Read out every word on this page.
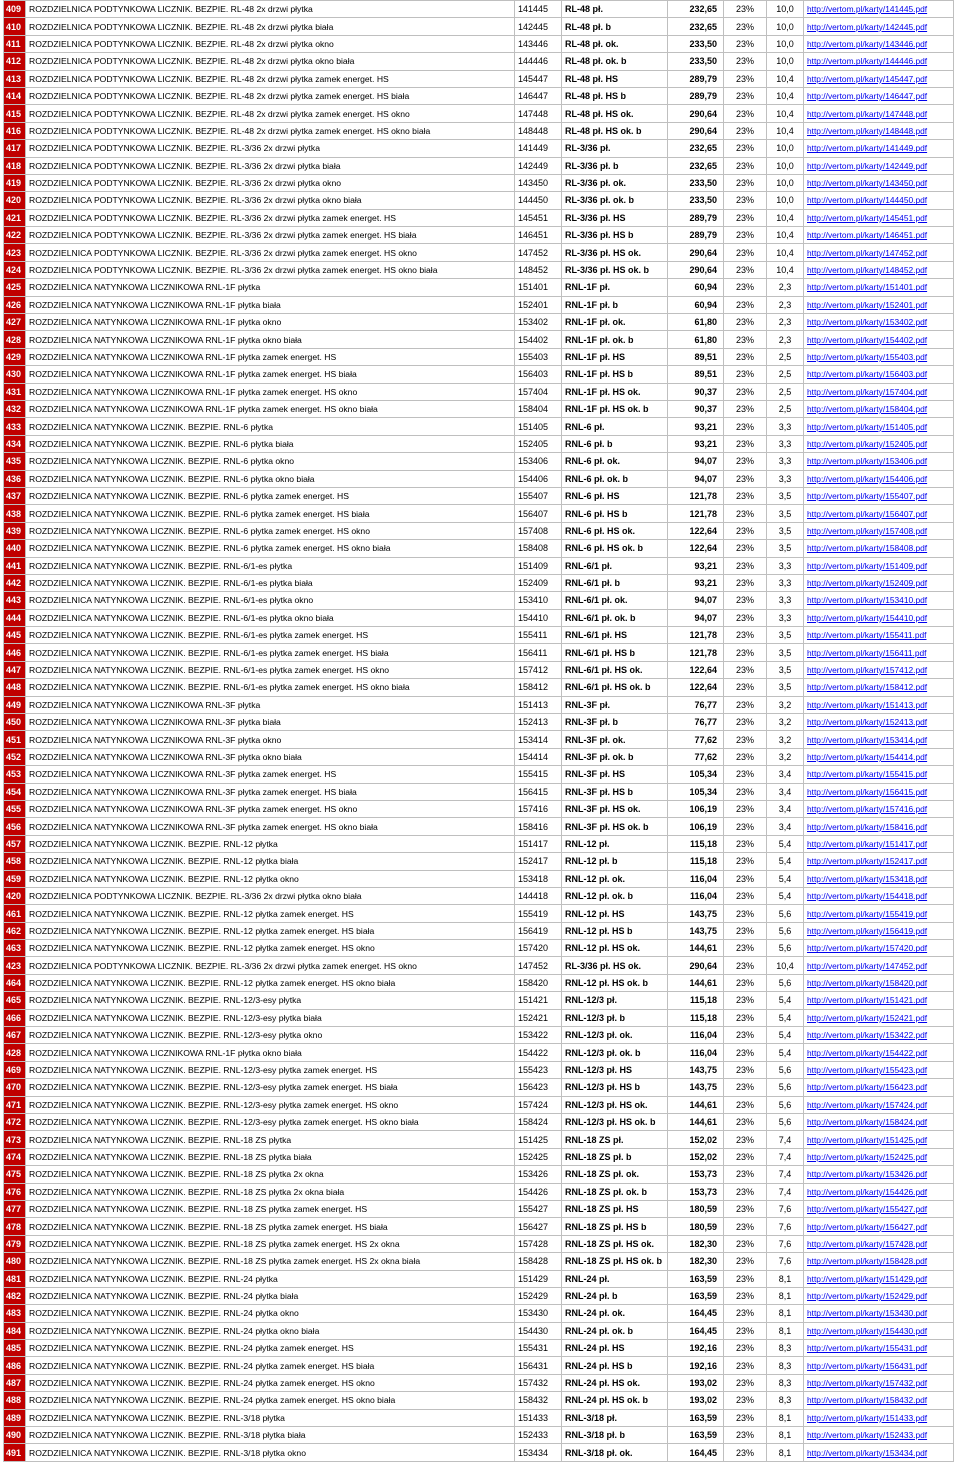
409	ROZDZIELNICA PODTYNKOWA LICZNIK. BEZPIE. RL-48 2x drzwi płytka	141445	RL-48 pł.	232,65	23%	10,0	http://vertom.pl/karty/141445.pdf
410	ROZDZIELNICA PODTYNKOWA LICZNIK. BEZPIE. RL-48 2x drzwi płytka biała	142445	RL-48 pł. b	232,65	23%	10,0	http://vertom.pl/karty/142445.pdf
411	ROZDZIELNICA PODTYNKOWA LICZNIK. BEZPIE. RL-48 2x drzwi płytka okno	143446	RL-48 pł. ok.	233,50	23%	10,0	http://vertom.pl/karty/143446.pdf
412	ROZDZIELNICA PODTYNKOWA LICZNIK. BEZPIE. RL-48 2x drzwi płytka okno biała	144446	RL-48 pł. ok. b	233,50	23%	10,0	http://vertom.pl/karty/144446.pdf
413	ROZDZIELNICA PODTYNKOWA LICZNIK. BEZPIE. RL-48 2x drzwi płytka zamek energet. HS	145447	RL-48 pł. HS	289,79	23%	10,4	http://vertom.pl/karty/145447.pdf
414	ROZDZIELNICA PODTYNKOWA LICZNIK. BEZPIE. RL-48 2x drzwi płytka zamek energet. HS biała	146447	RL-48 pł. HS b	289,79	23%	10,4	http://vertom.pl/karty/146447.pdf
415	ROZDZIELNICA PODTYNKOWA LICZNIK. BEZPIE. RL-48 2x drzwi płytka zamek energet. HS okno	147448	RL-48 pł. HS ok.	290,64	23%	10,4	http://vertom.pl/karty/147448.pdf
416	ROZDZIELNICA PODTYNKOWA LICZNIK. BEZPIE. RL-48 2x drzwi płytka zamek energet. HS okno biała	148448	RL-48 pł. HS ok. b	290,64	23%	10,4	http://vertom.pl/karty/148448.pdf
417	ROZDZIELNICA PODTYNKOWA LICZNIK. BEZPIE. RL-3/36 2x drzwi płytka	141449	RL-3/36 pł.	232,65	23%	10,0	http://vertom.pl/karty/141449.pdf
418	ROZDZIELNICA PODTYNKOWA LICZNIK. BEZPIE. RL-3/36 2x drzwi płytka biała	142449	RL-3/36 pł. b	232,65	23%	10,0	http://vertom.pl/karty/142449.pdf
419	ROZDZIELNICA PODTYNKOWA LICZNIK. BEZPIE. RL-3/36 2x drzwi płytka okno	143450	RL-3/36 pł. ok.	233,50	23%	10,0	http://vertom.pl/karty/143450.pdf
420	ROZDZIELNICA PODTYNKOWA LICZNIK. BEZPIE. RL-3/36 2x drzwi płytka okno biała	144450	RL-3/36 pł. ok. b	233,50	23%	10,0	http://vertom.pl/karty/144450.pdf
421	ROZDZIELNICA PODTYNKOWA LICZNIK. BEZPIE. RL-3/36 2x drzwi płytka zamek energet. HS	145451	RL-3/36 pł. HS	289,79	23%	10,4	http://vertom.pl/karty/145451.pdf
422	ROZDZIELNICA PODTYNKOWA LICZNIK. BEZPIE. RL-3/36 2x drzwi płytka zamek energet. HS biała	146451	RL-3/36 pł. HS b	289,79	23%	10,4	http://vertom.pl/karty/146451.pdf
423	ROZDZIELNICA PODTYNKOWA LICZNIK. BEZPIE. RL-3/36 2x drzwi płytka zamek energet. HS okno	147452	RL-3/36 pł. HS ok.	290,64	23%	10,4	http://vertom.pl/karty/147452.pdf
424	ROZDZIELNICA PODTYNKOWA LICZNIK. BEZPIE. RL-3/36 2x drzwi płytka zamek energet. HS okno biała	148452	RL-3/36 pł. HS ok. b	290,64	23%	10,4	http://vertom.pl/karty/148452.pdf
425	ROZDZIELNICA NATYNKOWA LICZNIKOWA RNL-1F płytka	151401	RNL-1F pł.	60,94	23%	2,3	http://vertom.pl/karty/151401.pdf
426	ROZDZIELNICA NATYNKOWA LICZNIKOWA RNL-1F płytka biała	152401	RNL-1F pł. b	60,94	23%	2,3	http://vertom.pl/karty/152401.pdf
427	ROZDZIELNICA NATYNKOWA LICZNIKOWA RNL-1F płytka okno	153402	RNL-1F pł. ok.	61,80	23%	2,3	http://vertom.pl/karty/153402.pdf
428	ROZDZIELNICA NATYNKOWA LICZNIKOWA RNL-1F płytka okno biała	154402	RNL-1F pł. ok. b	61,80	23%	2,3	http://vertom.pl/karty/154402.pdf
429	ROZDZIELNICA NATYNKOWA LICZNIKOWA RNL-1F płytka zamek energet. HS	155403	RNL-1F pł. HS	89,51	23%	2,5	http://vertom.pl/karty/155403.pdf
430	ROZDZIELNICA NATYNKOWA LICZNIKOWA RNL-1F płytka zamek energet. HS biała	156403	RNL-1F pł. HS b	89,51	23%	2,5	http://vertom.pl/karty/156403.pdf
431	ROZDZIELNICA NATYNKOWA LICZNIKOWA RNL-1F płytka zamek energet. HS okno	157404	RNL-1F pł. HS ok.	90,37	23%	2,5	http://vertom.pl/karty/157404.pdf
432	ROZDZIELNICA NATYNKOWA LICZNIKOWA RNL-1F płytka zamek energet. HS okno biała	158404	RNL-1F pł. HS ok. b	90,37	23%	2,5	http://vertom.pl/karty/158404.pdf
433	ROZDZIELNICA NATYNKOWA LICZNIK. BEZPIE. RNL-6 płytka	151405	RNL-6 pł.	93,21	23%	3,3	http://vertom.pl/karty/151405.pdf
434	ROZDZIELNICA NATYNKOWA LICZNIK. BEZPIE. RNL-6 płytka biała	152405	RNL-6 pł. b	93,21	23%	3,3	http://vertom.pl/karty/152405.pdf
435	ROZDZIELNICA NATYNKOWA LICZNIK. BEZPIE. RNL-6 płytka okno	153406	RNL-6 pł. ok.	94,07	23%	3,3	http://vertom.pl/karty/153406.pdf
436	ROZDZIELNICA NATYNKOWA LICZNIK. BEZPIE. RNL-6 płytka okno biała	154406	RNL-6 pł. ok. b	94,07	23%	3,3	http://vertom.pl/karty/154406.pdf
437	ROZDZIELNICA NATYNKOWA LICZNIK. BEZPIE. RNL-6 płytka zamek energet. HS	155407	RNL-6 pł. HS	121,78	23%	3,5	http://vertom.pl/karty/155407.pdf
438	ROZDZIELNICA NATYNKOWA LICZNIK. BEZPIE. RNL-6 płytka zamek energet. HS biała	156407	RNL-6 pł. HS b	121,78	23%	3,5	http://vertom.pl/karty/156407.pdf
439	ROZDZIELNICA NATYNKOWA LICZNIK. BEZPIE. RNL-6 płytka zamek energet. HS okno	157408	RNL-6 pł. HS ok.	122,64	23%	3,5	http://vertom.pl/karty/157408.pdf
440	ROZDZIELNICA NATYNKOWA LICZNIK. BEZPIE. RNL-6 płytka zamek energet. HS okno biała	158408	RNL-6 pł. HS ok. b	122,64	23%	3,5	http://vertom.pl/karty/158408.pdf
441	ROZDZIELNICA NATYNKOWA LICZNIK. BEZPIE. RNL-6/1-es płytka	151409	RNL-6/1 pł.	93,21	23%	3,3	http://vertom.pl/karty/151409.pdf
442	ROZDZIELNICA NATYNKOWA LICZNIK. BEZPIE. RNL-6/1-es płytka biała	152409	RNL-6/1 pł. b	93,21	23%	3,3	http://vertom.pl/karty/152409.pdf
443	ROZDZIELNICA NATYNKOWA LICZNIK. BEZPIE. RNL-6/1-es płytka okno	153410	RNL-6/1 pł. ok.	94,07	23%	3,3	http://vertom.pl/karty/153410.pdf
444	ROZDZIELNICA NATYNKOWA LICZNIK. BEZPIE. RNL-6/1-es płytka okno biała	154410	RNL-6/1 pł. ok. b	94,07	23%	3,3	http://vertom.pl/karty/154410.pdf
445	ROZDZIELNICA NATYNKOWA LICZNIK. BEZPIE. RNL-6/1-es płytka zamek energet. HS	155411	RNL-6/1 pł. HS	121,78	23%	3,5	http://vertom.pl/karty/155411.pdf
446	ROZDZIELNICA NATYNKOWA LICZNIK. BEZPIE. RNL-6/1-es płytka zamek energet. HS biała	156411	RNL-6/1 pł. HS b	121,78	23%	3,5	http://vertom.pl/karty/156411.pdf
447	ROZDZIELNICA NATYNKOWA LICZNIK. BEZPIE. RNL-6/1-es płytka zamek energet. HS okno	157412	RNL-6/1 pł. HS ok.	122,64	23%	3,5	http://vertom.pl/karty/157412.pdf
448	ROZDZIELNICA NATYNKOWA LICZNIK. BEZPIE. RNL-6/1-es płytka zamek energet. HS okno biała	158412	RNL-6/1 pł. HS ok. b	122,64	23%	3,5	http://vertom.pl/karty/158412.pdf
449	ROZDZIELNICA NATYNKOWA LICZNIKOWA RNL-3F płytka	151413	RNL-3F pł.	76,77	23%	3,2	http://vertom.pl/karty/151413.pdf
450	ROZDZIELNICA NATYNKOWA LICZNIKOWA RNL-3F płytka biała	152413	RNL-3F pł. b	76,77	23%	3,2	http://vertom.pl/karty/152413.pdf
451	ROZDZIELNICA NATYNKOWA LICZNIKOWA RNL-3F płytka okno	153414	RNL-3F pł. ok.	77,62	23%	3,2	http://vertom.pl/karty/153414.pdf
452	ROZDZIELNICA NATYNKOWA LICZNIKOWA RNL-3F płytka okno biała	154414	RNL-3F pł. ok. b	77,62	23%	3,2	http://vertom.pl/karty/154414.pdf
453	ROZDZIELNICA NATYNKOWA LICZNIKOWA RNL-3F płytka zamek energet. HS	155415	RNL-3F pł. HS	105,34	23%	3,4	http://vertom.pl/karty/155415.pdf
454	ROZDZIELNICA NATYNKOWA LICZNIKOWA RNL-3F płytka zamek energet. HS biała	156415	RNL-3F pł. HS b	105,34	23%	3,4	http://vertom.pl/karty/156415.pdf
455	ROZDZIELNICA NATYNKOWA LICZNIKOWA RNL-3F płytka zamek energet. HS okno	157416	RNL-3F pł. HS ok.	106,19	23%	3,4	http://vertom.pl/karty/157416.pdf
456	ROZDZIELNICA NATYNKOWA LICZNIKOWA RNL-3F płytka zamek energet. HS okno biała	158416	RNL-3F pł. HS ok. b	106,19	23%	3,4	http://vertom.pl/karty/158416.pdf
457	ROZDZIELNICA NATYNKOWA LICZNIK. BEZPIE. RNL-12 płytka	151417	RNL-12 pł.	115,18	23%	5,4	http://vertom.pl/karty/151417.pdf
458	ROZDZIELNICA NATYNKOWA LICZNIK. BEZPIE. RNL-12 płytka biała	152417	RNL-12 pł. b	115,18	23%	5,4	http://vertom.pl/karty/152417.pdf
459	ROZDZIELNICA NATYNKOWA LICZNIK. BEZPIE. RNL-12 płytka okno	153418	RNL-12 pł. ok.	116,04	23%	5,4	http://vertom.pl/karty/153418.pdf
420	ROZDZIELNICA PODTYNKOWA LICZNIK. BEZPIE. RL-3/36 2x drzwi płytka okno biała	144418	RNL-12 pł. ok. b	116,04	23%	5,4	http://vertom.pl/karty/154418.pdf
461	ROZDZIELNICA NATYNKOWA LICZNIK. BEZPIE. RNL-12 płytka zamek energet. HS	155419	RNL-12 pł. HS	143,75	23%	5,6	http://vertom.pl/karty/155419.pdf
462	ROZDZIELNICA NATYNKOWA LICZNIK. BEZPIE. RNL-12 płytka zamek energet. HS biała	156419	RNL-12 pł. HS b	143,75	23%	5,6	http://vertom.pl/karty/156419.pdf
463	ROZDZIELNICA NATYNKOWA LICZNIK. BEZPIE. RNL-12 płytka zamek energet. HS okno	157420	RNL-12 pł. HS ok.	144,61	23%	5,6	http://vertom.pl/karty/157420.pdf
423	ROZDZIELNICA PODTYNKOWA LICZNIK. BEZPIE. RL-3/36 2x drzwi płytka zamek energet. HS okno	147452	RL-3/36 pł. HS ok.	290,64	23%	10,4	http://vertom.pl/karty/147452.pdf
464	ROZDZIELNICA NATYNKOWA LICZNIK. BEZPIE. RNL-12 płytka zamek energet. HS okno biała	158420	RNL-12 pł. HS ok. b	144,61	23%	5,6	http://vertom.pl/karty/158420.pdf
465	ROZDZIELNICA NATYNKOWA LICZNIK. BEZPIE. RNL-12/3-esy płytka	151421	RNL-12/3 pł.	115,18	23%	5,4	http://vertom.pl/karty/151421.pdf
466	ROZDZIELNICA NATYNKOWA LICZNIK. BEZPIE. RNL-12/3-esy płytka biała	152421	RNL-12/3 pł. b	115,18	23%	5,4	http://vertom.pl/karty/152421.pdf
467	ROZDZIELNICA NATYNKOWA LICZNIK. BEZPIE. RNL-12/3-esy płytka okno	153422	RNL-12/3 pł. ok.	116,04	23%	5,4	http://vertom.pl/karty/153422.pdf
428	ROZDZIELNICA NATYNKOWA LICZNIKOWA RNL-1F płytka okno biała	154422	RNL-12/3 pł. ok. b	116,04	23%	5,4	http://vertom.pl/karty/154422.pdf
469	ROZDZIELNICA NATYNKOWA LICZNIK. BEZPIE. RNL-12/3-esy płytka zamek energet. HS	155423	RNL-12/3 pł. HS	143,75	23%	5,6	http://vertom.pl/karty/155423.pdf
470	ROZDZIELNICA NATYNKOWA LICZNIK. BEZPIE. RNL-12/3-esy płytka zamek energet. HS biała	156423	RNL-12/3 pł. HS b	143,75	23%	5,6	http://vertom.pl/karty/156423.pdf
471	ROZDZIELNICA NATYNKOWA LICZNIK. BEZPIE. RNL-12/3-esy płytka zamek energet. HS okno	157424	RNL-12/3 pł. HS ok.	144,61	23%	5,6	http://vertom.pl/karty/157424.pdf
472	ROZDZIELNICA NATYNKOWA LICZNIK. BEZPIE. RNL-12/3-esy płytka zamek energet. HS okno biała	158424	RNL-12/3 pł. HS ok. b	144,61	23%	5,6	http://vertom.pl/karty/158424.pdf
473	ROZDZIELNICA NATYNKOWA LICZNIK. BEZPIE. RNL-18 ZS płytka	151425	RNL-18 ZS pł.	152,02	23%	7,4	http://vertom.pl/karty/151425.pdf
474	ROZDZIELNICA NATYNKOWA LICZNIK. BEZPIE. RNL-18 ZS płytka biała	152425	RNL-18 ZS pł. b	152,02	23%	7,4	http://vertom.pl/karty/152425.pdf
475	ROZDZIELNICA NATYNKOWA LICZNIK. BEZPIE. RNL-18 ZS płytka 2x okna	153426	RNL-18 ZS pł. ok.	153,73	23%	7,4	http://vertom.pl/karty/153426.pdf
476	ROZDZIELNICA NATYNKOWA LICZNIK. BEZPIE. RNL-18 ZS płytka 2x okna biała	154426	RNL-18 ZS pł. ok. b	153,73	23%	7,4	http://vertom.pl/karty/154426.pdf
477	ROZDZIELNICA NATYNKOWA LICZNIK. BEZPIE. RNL-18 ZS płytka zamek energet. HS	155427	RNL-18 ZS pł. HS	180,59	23%	7,6	http://vertom.pl/karty/155427.pdf
478	ROZDZIELNICA NATYNKOWA LICZNIK. BEZPIE. RNL-18 ZS płytka zamek energet. HS biała	156427	RNL-18 ZS pł. HS b	180,59	23%	7,6	http://vertom.pl/karty/156427.pdf
479	ROZDZIELNICA NATYNKOWA LICZNIK. BEZPIE. RNL-18 ZS płytka zamek energet. HS 2x okna	157428	RNL-18 ZS pł. HS ok.	182,30	23%	7,6	http://vertom.pl/karty/157428.pdf
480	ROZDZIELNICA NATYNKOWA LICZNIK. BEZPIE. RNL-18 ZS płytka zamek energet. HS 2x okna biała	158428	RNL-18 ZS pł. HS ok. b	182,30	23%	7,6	http://vertom.pl/karty/158428.pdf
481	ROZDZIELNICA NATYNKOWA LICZNIK. BEZPIE. RNL-24 płytka	151429	RNL-24 pł.	163,59	23%	8,1	http://vertom.pl/karty/151429.pdf
482	ROZDZIELNICA NATYNKOWA LICZNIK. BEZPIE. RNL-24 płytka biała	152429	RNL-24 pł. b	163,59	23%	8,1	http://vertom.pl/karty/152429.pdf
483	ROZDZIELNICA NATYNKOWA LICZNIK. BEZPIE. RNL-24 płytka okno	153430	RNL-24 pł. ok.	164,45	23%	8,1	http://vertom.pl/karty/153430.pdf
484	ROZDZIELNICA NATYNKOWA LICZNIK. BEZPIE. RNL-24 płytka okno biała	154430	RNL-24 pł. ok. b	164,45	23%	8,1	http://vertom.pl/karty/154430.pdf
485	ROZDZIELNICA NATYNKOWA LICZNIK. BEZPIE. RNL-24 płytka zamek energet. HS	155431	RNL-24 pł. HS	192,16	23%	8,3	http://vertom.pl/karty/155431.pdf
486	ROZDZIELNICA NATYNKOWA LICZNIK. BEZPIE. RNL-24 płytka zamek energet. HS biała	156431	RNL-24 pł. HS b	192,16	23%	8,3	http://vertom.pl/karty/156431.pdf
487	ROZDZIELNICA NATYNKOWA LICZNIK. BEZPIE. RNL-24 płytka zamek energet. HS okno	157432	RNL-24 pł. HS ok.	193,02	23%	8,3	http://vertom.pl/karty/157432.pdf
488	ROZDZIELNICA NATYNKOWA LICZNIK. BEZPIE. RNL-24 płytka zamek energet. HS okno biała	158432	RNL-24 pł. HS ok. b	193,02	23%	8,3	http://vertom.pl/karty/158432.pdf
489	ROZDZIELNICA NATYNKOWA LICZNIK. BEZPIE. RNL-3/18 płytka	151433	RNL-3/18 pł.	163,59	23%	8,1	http://vertom.pl/karty/151433.pdf
490	ROZDZIELNICA NATYNKOWA LICZNIK. BEZPIE. RNL-3/18 płytka biała	152433	RNL-3/18 pł. b	163,59	23%	8,1	http://vertom.pl/karty/152433.pdf
491	ROZDZIELNICA NATYNKOWA LICZNIK. BEZPIE. RNL-3/18 płytka okno	153434	RNL-3/18 pł. ok.	164,45	23%	8,1	http://vertom.pl/karty/153434.pdf
